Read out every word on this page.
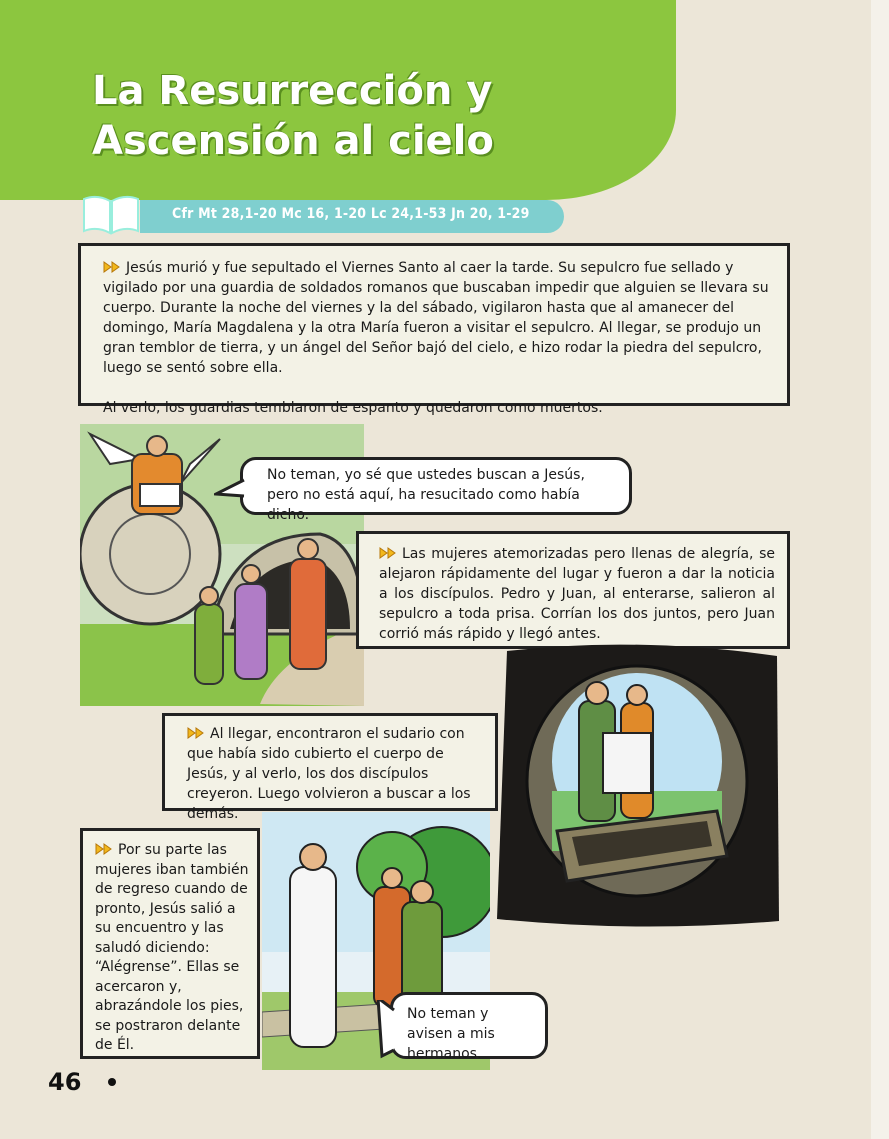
La Resurrección y
Ascensión al cielo
Cfr Mt 28,1-20 Mc 16, 1-20 Lc 24,1-53 Jn 20, 1-29
Jesús murió y fue sepultado el Viernes Santo al caer la tarde. Su sepulcro fue sellado y vigilado por una guardia de soldados romanos que buscaban impedir que alguien se llevara su cuerpo. Durante la noche del viernes y la del sábado, vigilaron hasta que al amanecer del domingo, María Magdalena y la otra María fueron a visitar el sepulcro. Al llegar, se produjo un gran temblor de tierra, y un ángel del Señor bajó del cielo, e hizo rodar la piedra del sepulcro, luego se sentó sobre ella.
Al verlo, los guardias temblaron de espanto y quedaron como muertos.
No teman, yo sé que ustedes buscan a Jesús, pero no está aquí, ha resucitado como había dicho.
Las mujeres atemorizadas pero llenas de alegría, se alejaron rápidamente del lugar y fueron a dar la noticia a los discípulos. Pedro y Juan, al enterarse, salieron al sepulcro a toda prisa. Corrían los dos juntos, pero Juan corrió más rápido y llegó antes.
Al llegar, encontraron el sudario con que había sido cubierto el cuerpo de Jesús, y al verlo, los dos discípulos creyeron. Luego volvieron a buscar a los demás.
Por su parte las mujeres iban también de regreso cuando de pronto, Jesús salió a su encuentro y las saludó diciendo: “Alégrense”. Ellas se acercaron y, abrazándole los pies, se postraron delante de Él.
No teman y avisen a mis hermanos.
46
